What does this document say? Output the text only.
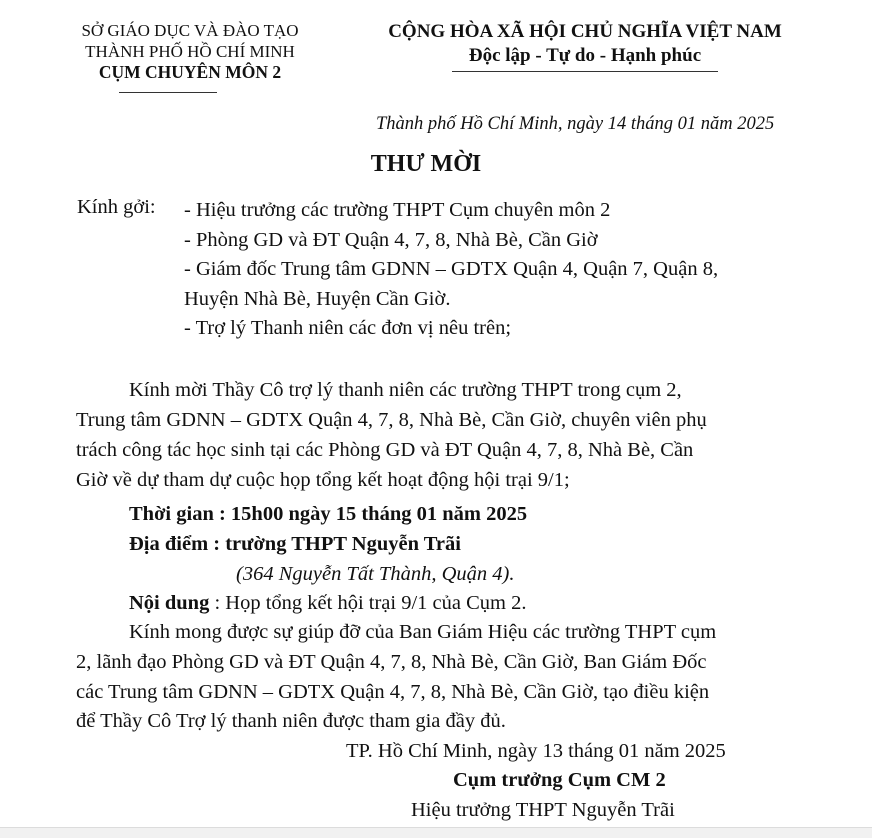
SỞ GIÁO DỤC VÀ ĐÀO TẠO
THÀNH PHỐ HỒ CHÍ MINH
CỤM CHUYÊN MÔN 2
CỘNG HÒA XÃ HỘI CHỦ NGHĨA VIỆT NAM
Độc lập - Tự do - Hạnh phúc
Thành phố Hồ Chí Minh, ngày 14 tháng 01 năm 2025
THƯ MỜI
Kính gởi: - Hiệu trưởng các trường THPT Cụm chuyên môn 2
- Phòng GD và ĐT Quận 4, 7, 8, Nhà Bè, Cần Giờ
- Giám đốc Trung tâm GDNN – GDTX Quận 4, Quận 7, Quận 8,
Huyện Nhà Bè, Huyện Cần Giờ.
- Trợ lý Thanh niên các đơn vị nêu trên;
Kính mời Thầy Cô trợ lý thanh niên các trường THPT trong cụm 2,
Trung tâm GDNN – GDTX Quận 4, 7, 8, Nhà Bè, Cần Giờ, chuyên viên phụ
trách công tác học sinh tại các Phòng GD và ĐT Quận 4, 7, 8, Nhà Bè, Cần
Giờ về dự tham dự cuộc họp tổng kết hoạt động hội trại 9/1;
Thời gian : 15h00 ngày 15 tháng 01 năm 2025
Địa điểm : trường THPT Nguyễn Trãi
(364 Nguyễn Tất Thành, Quận 4).
Nội dung : Họp tổng kết hội trại 9/1 của Cụm 2.
Kính mong được sự giúp đỡ của Ban Giám Hiệu các trường THPT cụm
2, lãnh đạo Phòng GD và ĐT Quận 4, 7, 8, Nhà Bè, Cần Giờ, Ban Giám Đốc
các Trung tâm GDNN – GDTX Quận 4, 7, 8, Nhà Bè, Cần Giờ, tạo điều kiện
để Thầy Cô Trợ lý thanh niên được tham gia đầy đủ.
TP. Hồ Chí Minh, ngày 13 tháng 01 năm 2025
Cụm trưởng Cụm CM 2
Hiệu trưởng THPT Nguyễn Trãi
